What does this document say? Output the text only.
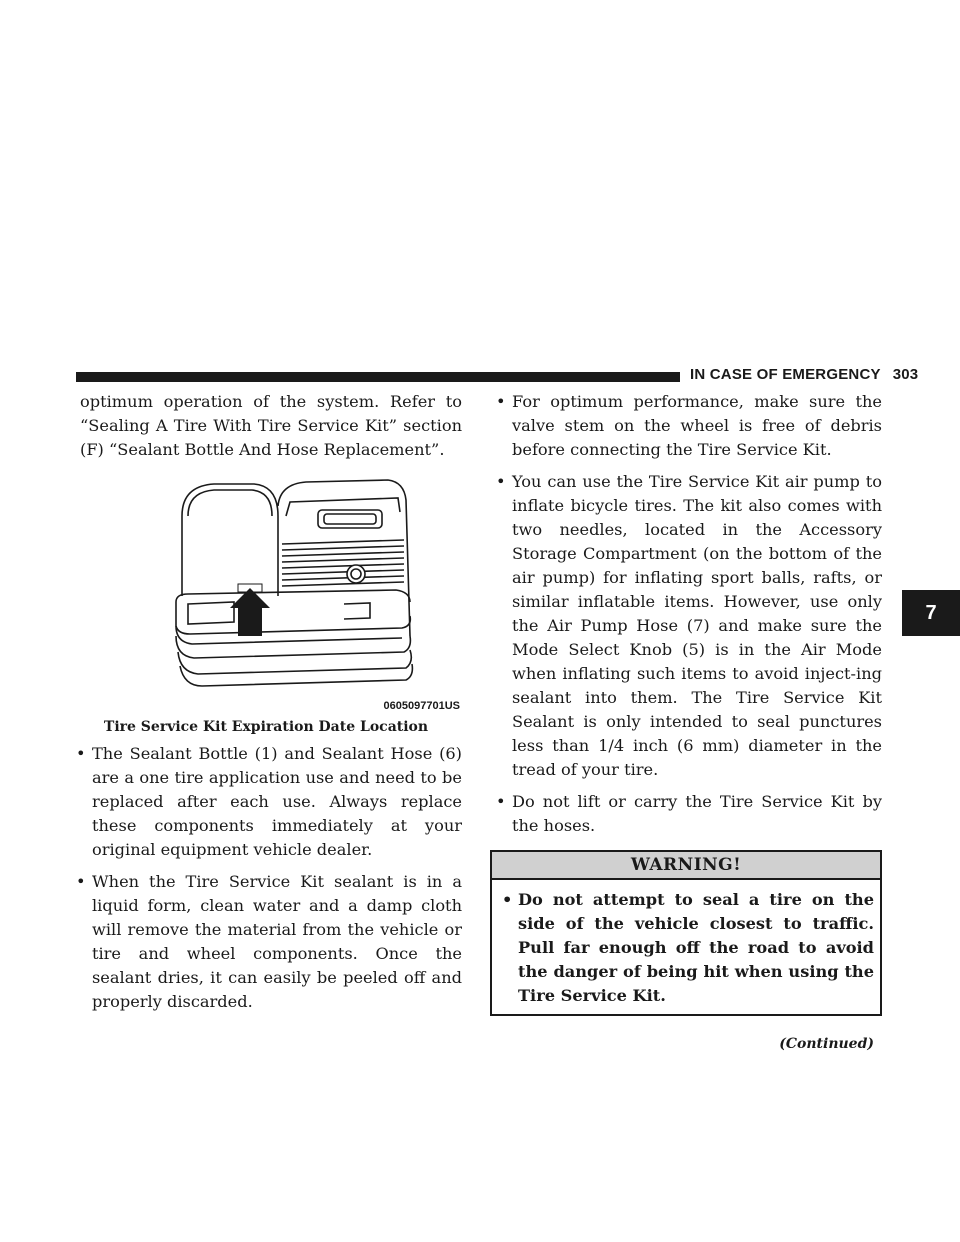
IN CASE OF EMERGENCY 303
7

optimum operation of the system. Refer to “Sealing A Tire With Tire Service Kit” section (F) “Sealant Bottle And Hose Replacement”.

0605097701US
Tire Service Kit Expiration Date Location
• The Sealant Bottle (1) and Sealant Hose (6) are a one tire application use and need to be replaced after each use. Always replace these components immediately at your original equipment vehicle dealer.
• When the Tire Service Kit sealant is in a liquid form, clean water and a damp cloth will remove the material from the vehicle or tire and wheel components. Once the sealant dries, it can easily be peeled off and properly discarded.
• For optimum performance, make sure the valve stem on the wheel is free of debris before connecting the Tire Service Kit.
• You can use the Tire Service Kit air pump to inflate bicycle tires. The kit also comes with two needles, located in the Accessory Storage Compartment (on the bottom of the air pump) for inflating sport balls, rafts, or similar inflatable items. However, use only the Air Pump Hose (7) and make sure the Mode Select Knob (5) is in the Air Mode when inflating such items to avoid inject-ing sealant into them. The Tire Service Kit Sealant is only intended to seal punctures less than 1/4 inch (6 mm) diameter in the tread of your tire.
• Do not lift or carry the Tire Service Kit by the hoses.
WARNING!
• Do not attempt to seal a tire on the side of the vehicle closest to traffic. Pull far enough off the road to avoid the danger of being hit when using the Tire Service Kit.
(Continued)
